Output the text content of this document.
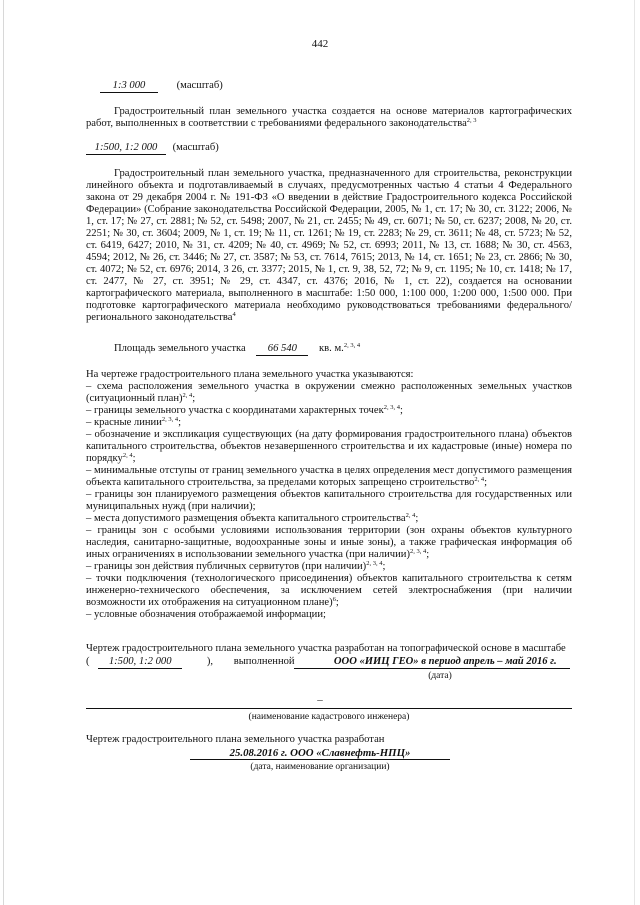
442
1:3 000	(масштаб)
Градостроительный план земельного участка создается на основе материалов картографических работ, выполненных в соответствии с требованиями федерального законодательства$^{2, 3}$
1:500, 1:2 000 (масштаб)
Градостроительный план земельного участка, предназначенного для строительства, реконструкции линейного объекта и подготавливаемый в случаях, предусмотренных частью 4 статьи 4 Федерального закона от 29 декабря 2004 г. № 191-ФЗ «О введении в действие Градостроительного кодекса Российской Федерации» (Собрание законодательства Российской Федерации, 2005, № 1, ст. 17; № 30, ст. 3122; 2006, № 1, ст. 17; № 27, ст. 2881; № 52, ст. 5498; 2007, № 21, ст. 2455; № 49, ст. 6071; № 50, ст. 6237; 2008, № 20, ст. 2251; № 30, ст. 3604; 2009, № 1, ст. 19; № 11, ст. 1261; № 19, ст. 2283; № 29, ст. 3611; № 48, ст. 5723; № 52, ст. 6419, 6427; 2010, № 31, ст. 4209; № 40, ст. 4969; № 52, ст. 6993; 2011, № 13, ст. 1688; № 30, ст. 4563, 4594; 2012, № 26, ст. 3446; № 27, ст. 3587; № 53, ст. 7614, 7615; 2013, № 14, ст. 1651; № 23, ст. 2866; № 30, ст. 4072; № 52, ст. 6976; 2014, 3 26, ст. 3377; 2015, № 1, ст. 9, 38, 52, 72; № 9, ст. 1195; № 10, ст. 1418; № 17, ст. 2477, № 27, ст. 3951; № 29, ст. 4347, ст. 4376; 2016, № 1, ст. 22), создается на основании картографического материала, выполненного в масштабе: 1:50 000, 1:100 000, 1:200 000, 1:500 000. При подготовке картографического материала необходимо руководствоваться требованиями федерального/регионального законодательства$^4$
Площадь земельного участка 66 540 кв. м.$^{2, 3, 4}$

На чертеже градостроительного плана земельного участка указываются:

– схема расположения земельного участка в окружении смежно расположенных земельных участков (ситуационный план)$^{2, 4}$;

– границы земельного участка с координатами характерных точек$^{2, 3, 4}$;

– красные линии$^{2, 3, 4}$;

– обозначение и экспликация существующих (на дату формирования градостроительного плана) объектов капитального строительства, объектов незавершенного строительства и их кадастровые (иные) номера по порядку$^{2, 4}$;

– минимальные отступы от границ земельного участка в целях определения мест допустимого размещения объекта капитального строительства, за пределами которых запрещено строительство$^{2, 4}$;

– границы зон планируемого размещения объектов капитального строительства для государственных или муниципальных нужд (при наличии);

– места допустимого размещения объекта капитального строительства$^{2, 4}$;

– границы зон с особыми условиями использования территории (зон охраны объектов культурного наследия, санитарно-защитные, водоохранные зоны и иные зоны), а также графическая информация об иных ограничениях в использовании земельного участка (при наличии)$^{2, 3, 4}$;

– границы зон действия публичных сервитутов (при наличии)$^{2, 3, 4}$;

– точки подключения (технологического присоединения) объектов капитального строительства к сетям инженерно-технического обеспечения, за исключением сетей электроснабжения (при наличии возможности их отображения на ситуационном плане)$^6$;

– условные обозначения отображаемой информации;

Чертеж градостроительного плана земельного участка разработан на топографической основе в масштабе
( 1:500, 1:2 000	), выполненной	ООО «ИИЦ ГЕО» в период апрель – май 2016 г.
(дата)
–
(наименование кадастрового инженера)
Чертеж градостроительного плана земельного участка разработан
25.08.2016 г. ООО «Славнефть-НПЦ»
(дата, наименование организации)
